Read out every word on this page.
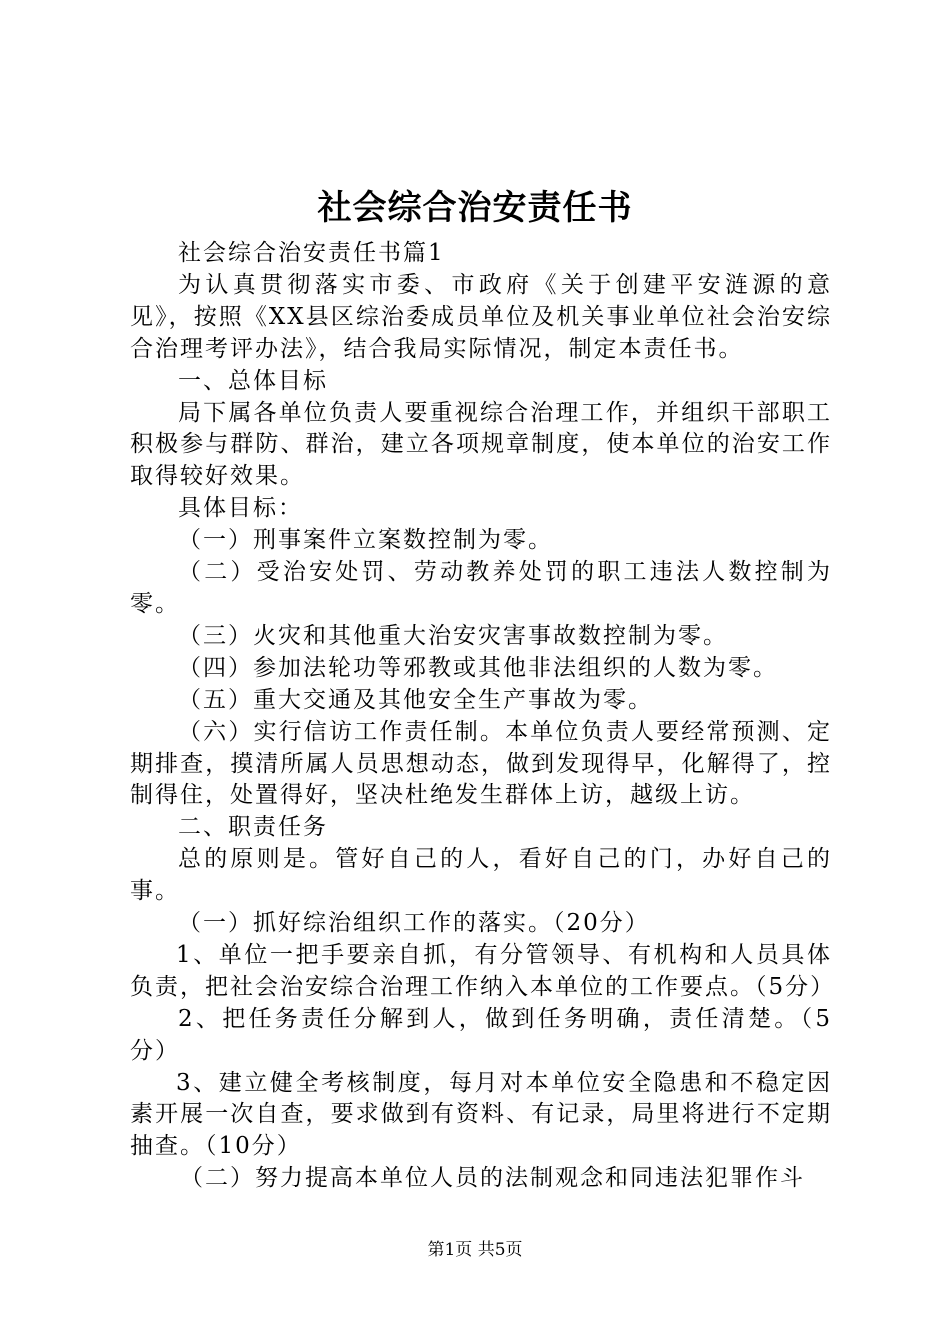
社会综合治安责任书

社会综合治安责任书篇1

为认真贯彻落实市委、市政府《关于创建平安涟源的意见》，按照《XX县区综治委成员单位及机关事业单位社会治安综合治理考评办法》，结合我局实际情况，制定本责任书。

一、总体目标

局下属各单位负责人要重视综合治理工作，并组织干部职工积极参与群防、群治，建立各项规章制度，使本单位的治安工作取得较好效果。

具体目标：

（一）刑事案件立案数控制为零。

（二）受治安处罚、劳动教养处罚的职工违法人数控制为零。

（三）火灾和其他重大治安灾害事故数控制为零。

（四）参加法轮功等邪教或其他非法组织的人数为零。

（五）重大交通及其他安全生产事故为零。

（六）实行信访工作责任制。本单位负责人要经常预测、定期排查，摸清所属人员思想动态，做到发现得早，化解得了，控制得住，处置得好，坚决杜绝发生群体上访，越级上访。

二、职责任务

总的原则是。管好自己的人，看好自己的门，办好自己的事。

（一）抓好综治组织工作的落实。（20分）

1、单位一把手要亲自抓，有分管领导、有机构和人员具体负责，把社会治安综合治理工作纳入本单位的工作要点。（5分）

2、把任务责任分解到人，做到任务明确，责任清楚。（5分）

3、建立健全考核制度，每月对本单位安全隐患和不稳定因素开展一次自查，要求做到有资料、有记录，局里将进行不定期抽查。（10分）

（二）努力提高本单位人员的法制观念和同违法犯罪作斗

第1页 共5页
